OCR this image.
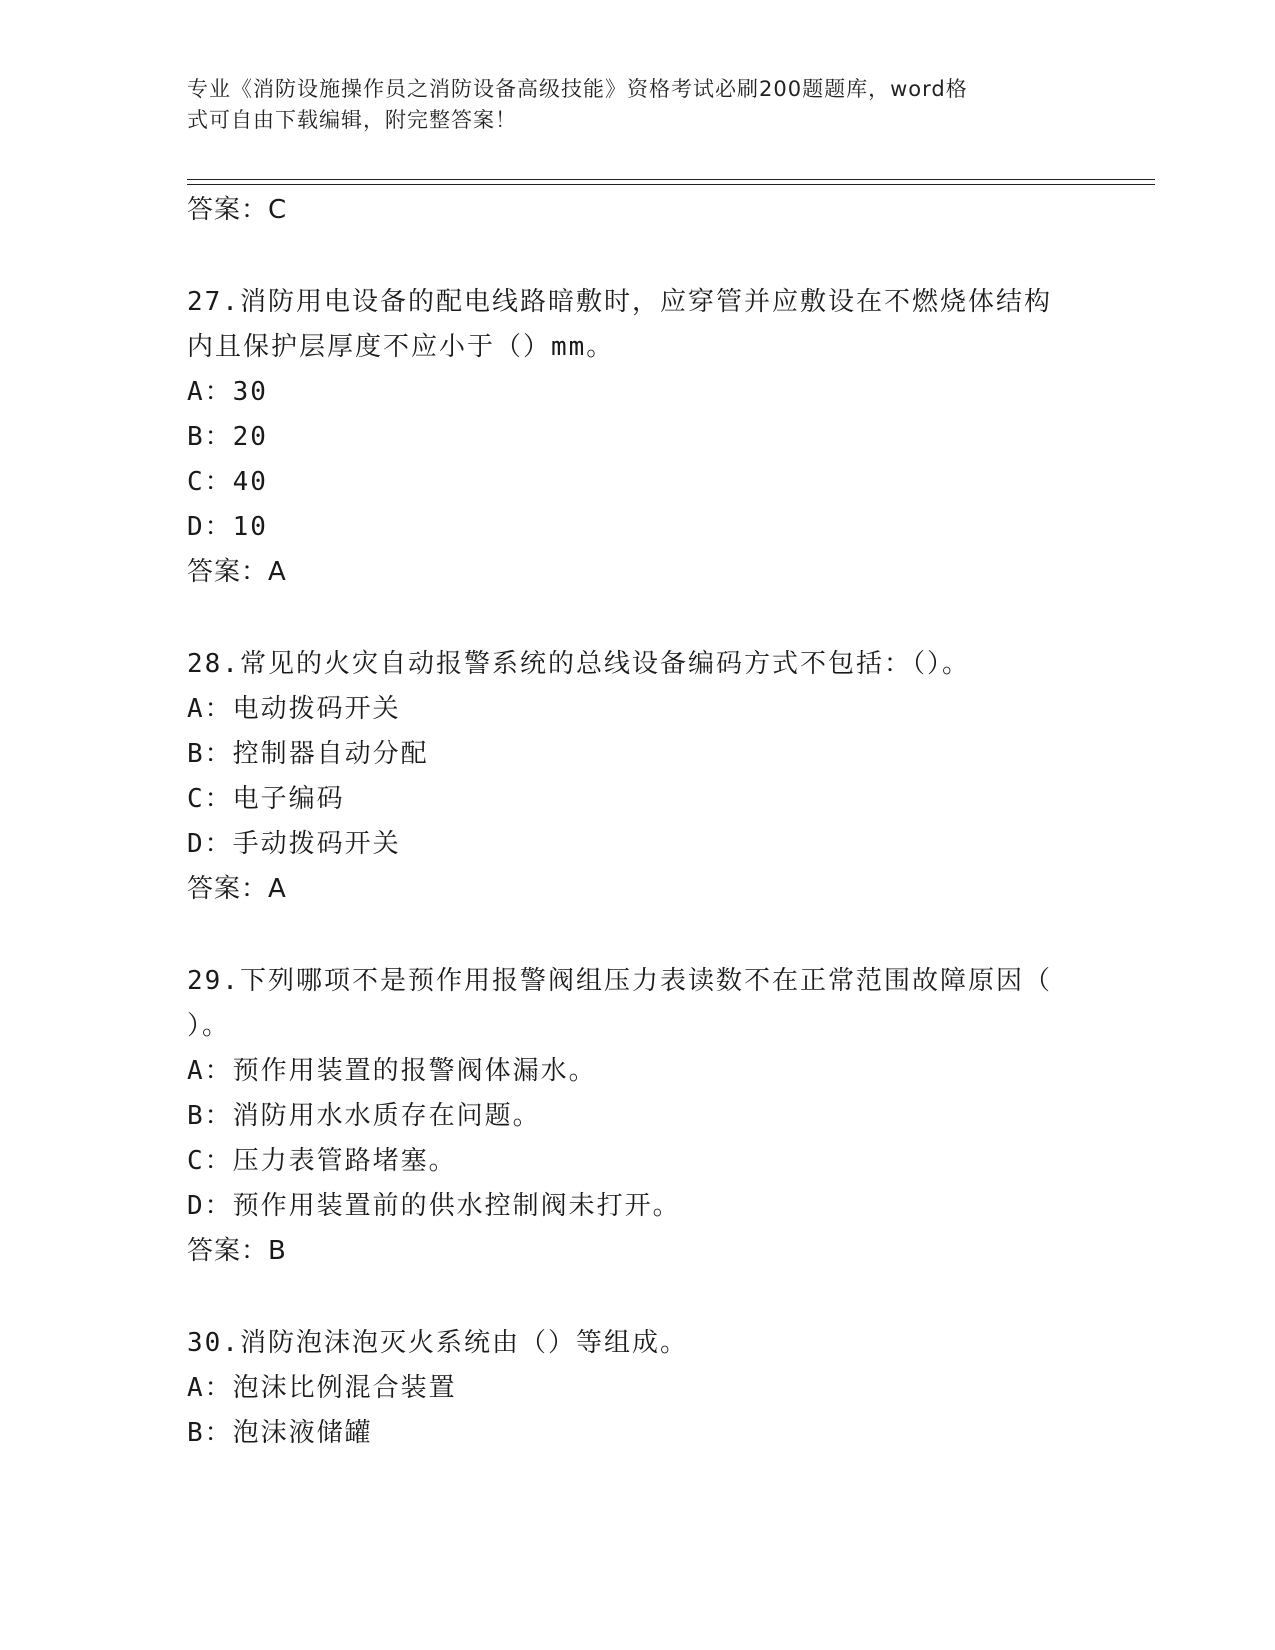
专业《消防设施操作员之消防设备高级技能》资格考试必刷200题题库，word格
式可自由下载编辑，附完整答案！
答案：C
27.消防用电设备的配电线路暗敷时，应穿管并应敷设在不燃烧体结构
内且保护层厚度不应小于（）mm。
A：30
B：20
C：40
D：10
答案：A
28.常见的火灾自动报警系统的总线设备编码方式不包括：（）。
A：电动拨码开关
B：控制器自动分配
C：电子编码
D：手动拨码开关
答案：A
29.下列哪项不是预作用报警阀组压力表读数不在正常范围故障原因（
）。
A：预作用装置的报警阀体漏水。
B：消防用水水质存在问题。
C：压力表管路堵塞。
D：预作用装置前的供水控制阀未打开。
答案：B
30.消防泡沫泡灭火系统由（）等组成。
A：泡沫比例混合装置
B：泡沫液储罐
